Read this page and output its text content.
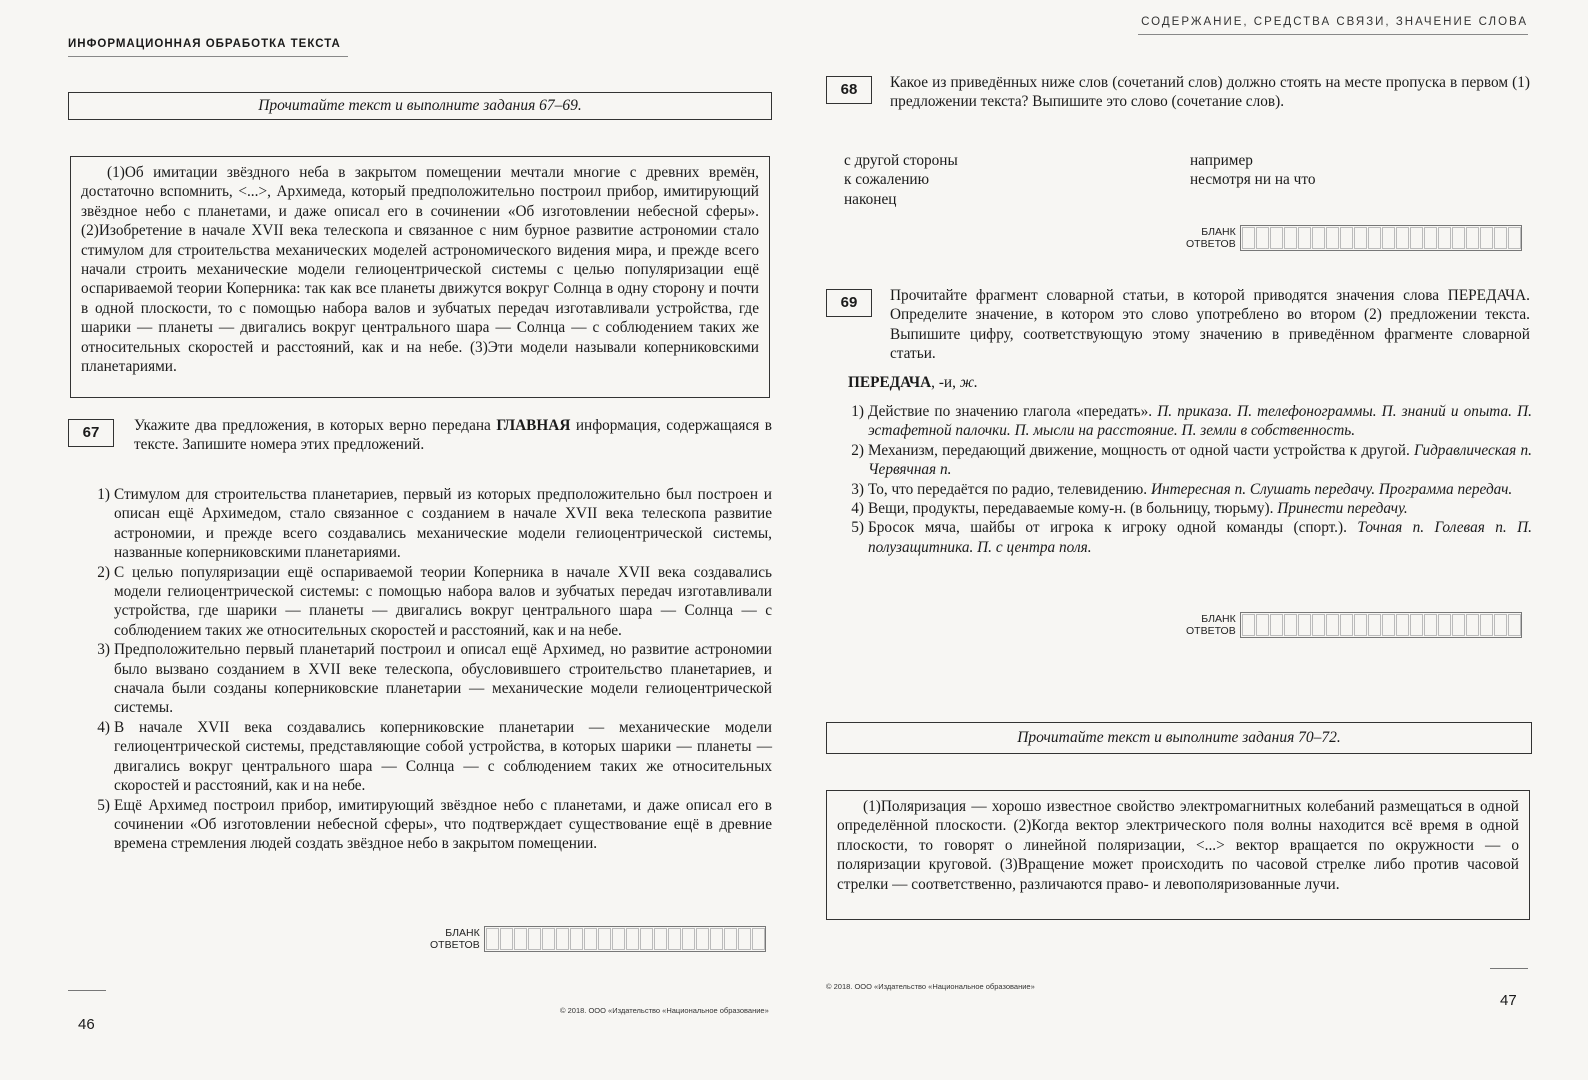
ИНФОРМАЦИОННАЯ ОБРАБОТКА ТЕКСТА
Прочитайте текст и выполните задания 67–69.

(1)Об имитации звёздного неба в закрытом помещении мечтали многие с древних времён, достаточно вспомнить, <...>, Архимеда, который предположительно построил прибор, имитирующий звёздное небо с планетами, и даже описал его в сочинении «Об изготовлении небесной сферы». (2)Изобретение в начале XVII века телескопа и связанное с ним бурное развитие астрономии стало стимулом для строительства механических моделей астрономического видения мира, и прежде всего начали строить механические модели гелиоцентрической системы с целью популяризации ещё оспариваемой теории Коперника: так как все планеты движутся вокруг Солнца в одну сторону и почти в одной плоскости, то с помощью набора валов и зубчатых передач изготавливали устройства, где шарики — планеты — двигались вокруг центрального шара — Солнца — с соблюдением таких же относительных скоростей и расстояний, как и на небе. (3)Эти модели называли коперниковскими планетариями.

67	Укажите два предложения, в которых верно передана ГЛАВНАЯ информация, содержащаяся в тексте. Запишите номера этих предложений.
1) Стимулом для строительства планетариев, первый из которых предположительно был построен и описан ещё Архимедом, стало связанное с созданием в начале XVII века телескопа развитие астрономии, и прежде всего создавались механические модели гелиоцентрической системы, названные коперниковскими планетариями.
2) С целью популяризации ещё оспариваемой теории Коперника в начале XVII века создавались модели гелиоцентрической системы: с помощью набора валов и зубчатых передач изготавливали устройства, где шарики — планеты — двигались вокруг центрального шара — Солнца — с соблюдением таких же относительных скоростей и расстояний, как и на небе.
3) Предположительно первый планетарий построил и описал ещё Архимед, но развитие астрономии было вызвано созданием в XVII веке телескопа, обусловившего строительство планетариев, и сначала были созданы коперниковские планетарии — механические модели гелиоцентрической системы.
4) В начале XVII века создавались коперниковские планетарии — механические модели гелиоцентрической системы, представляющие собой устройства, в которых шарики — планеты — двигались вокруг центрального шара — Солнца — с соблюдением таких же относительных скоростей и расстояний, как и на небе.
5) Ещё Архимед построил прибор, имитирующий звёздное небо с планетами, и даже описал его в сочинении «Об изготовлении небесной сферы», что подтверждает существование ещё в древние времена стремления людей создать звёздное небо в закрытом помещении.
БЛАНК
ОТВЕТОВ
© 2018. ООО «Издательство «Национальное образование»
46
СОДЕРЖАНИЕ, СРЕДСТВА СВЯЗИ, ЗНАЧЕНИЕ СЛОВА
68	Какое из приведённых ниже слов (сочетаний слов) должно стоять на месте пропуска в первом (1) предложении текста? Выпишите это слово (сочетание слов).
с другой стороны
к сожалению
наконец
например
несмотря ни на что
БЛАНК
ОТВЕТОВ
69	Прочитайте фрагмент словарной статьи, в которой приводятся значения слова ПЕРЕДАЧА. Определите значение, в котором это слово употреблено во втором (2) предложении текста. Выпишите цифру, соответствующую этому значению в приведённом фрагменте словарной статьи.
ПЕРЕДАЧА, -и, ж.
1) Действие по значению глагола «передать». П. приказа. П. телефонограммы. П. знаний и опыта. П. эстафетной палочки. П. мысли на расстояние. П. земли в собственность.
2) Механизм, передающий движение, мощность от одной части устройства к другой. Гидравлическая п. Червячная п.
3) То, что передаётся по радио, телевидению. Интересная п. Слушать передачу. Программа передач.
4) Вещи, продукты, передаваемые кому-н. (в больницу, тюрьму). Принести передачу.
5) Бросок мяча, шайбы от игрока к игроку одной команды (спорт.). Точная п. Голевая п. П. полузащитника. П. с центра поля.
БЛАНК
ОТВЕТОВ
Прочитайте текст и выполните задания 70–72.

(1)Поляризация — хорошо известное свойство электромагнитных колебаний размещаться в одной определённой плоскости. (2)Когда вектор электрического поля волны находится всё время в одной плоскости, то говорят о линейной поляризации, <...> вектор вращается по окружности — о поляризации круговой. (3)Вращение может происходить по часовой стрелке либо против часовой стрелки — соответственно, различаются право- и левополяризованные лучи.

© 2018. ООО «Издательство «Национальное образование»
47
